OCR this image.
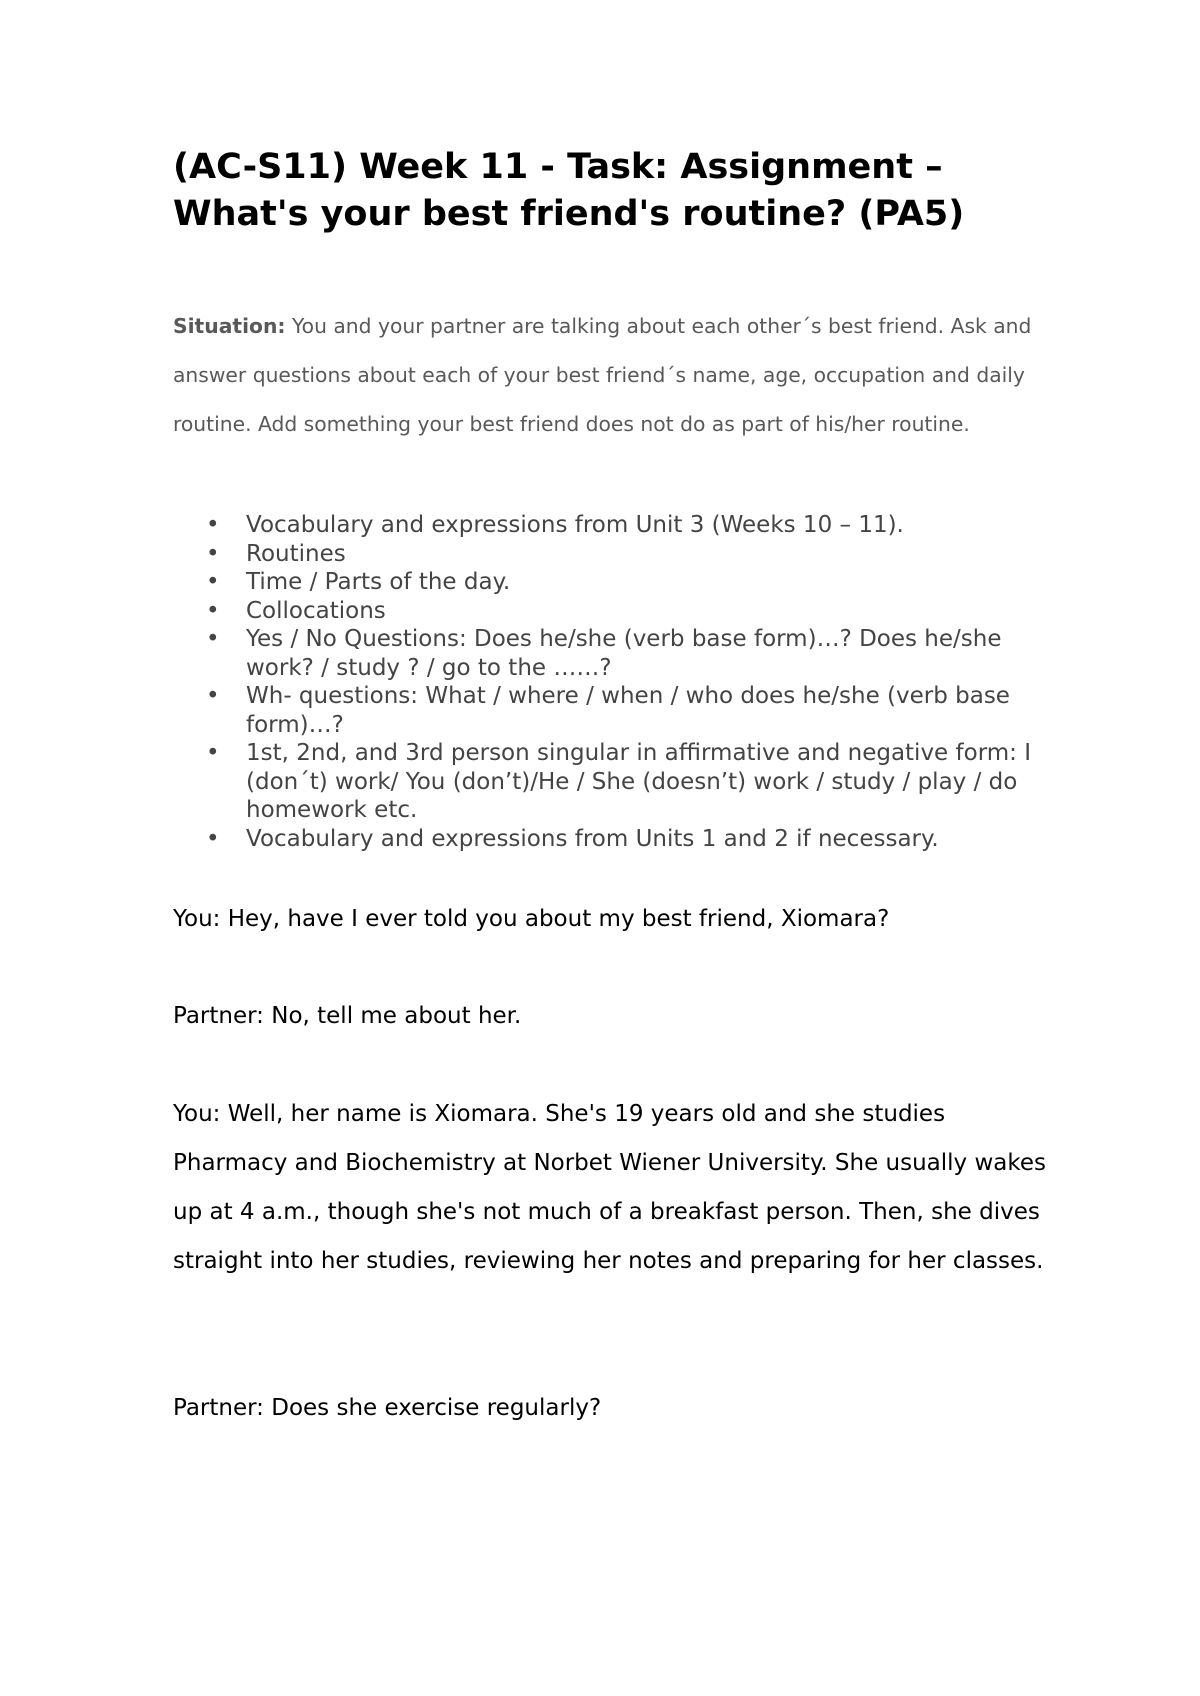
(AC-S11) Week 11 - Task: Assignment – What's your best friend's routine? (PA5)

Situation: You and your partner are talking about each other´s best friend. Ask and answer questions about each of your best friend´s name, age, occupation and daily routine. Add something your best friend does not do as part of his/her routine.

• Vocabulary and expressions from Unit 3 (Weeks 10 – 11).
• Routines
• Time / Parts of the day.
• Collocations
• Yes / No Questions: Does he/she (verb base form)…? Does he/she work? / study ? / go to the ……?
• Wh- questions: What / where / when / who does he/she (verb base form)…?
• 1st, 2nd, and 3rd person singular in affirmative and negative form: I (don´t) work/ You (don’t)/He / She (doesn’t) work / study / play / do homework etc.
• Vocabulary and expressions from Units 1 and 2 if necessary.

You: Hey, have I ever told you about my best friend, Xiomara?

Partner: No, tell me about her.

You: Well, her name is Xiomara. She's 19 years old and she studies Pharmacy and Biochemistry at Norbet Wiener University. She usually wakes up at 4 a.m., though she's not much of a breakfast person. Then, she dives straight into her studies, reviewing her notes and preparing for her classes.

Partner: Does she exercise regularly?
